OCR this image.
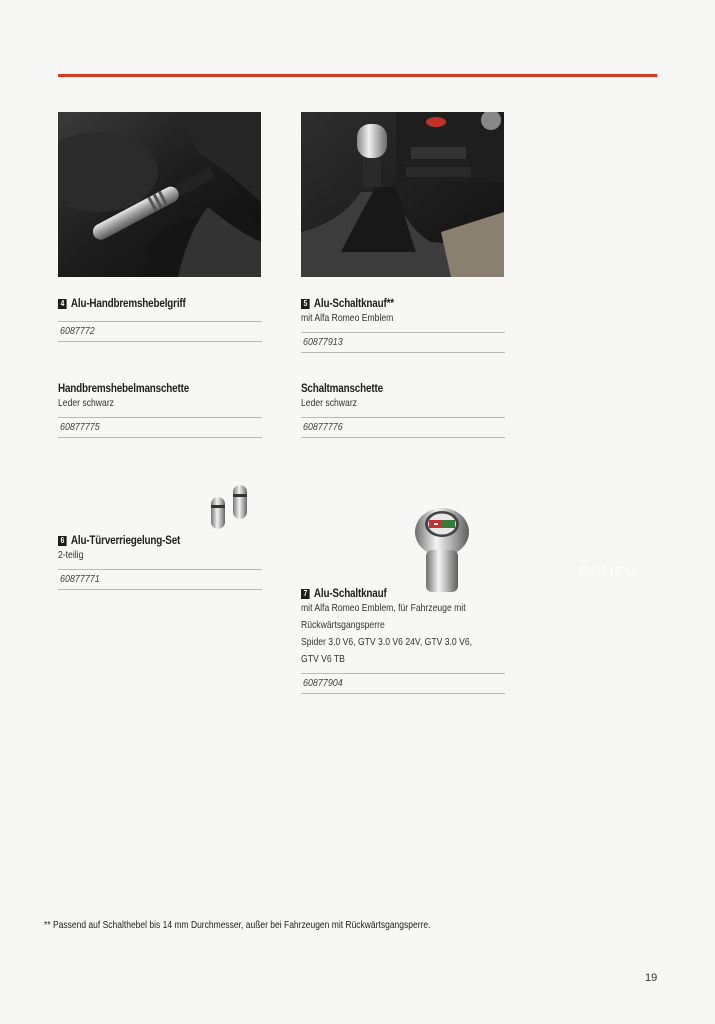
4 Alu-Handbremshebelgriff
6087772
5 Alu-Schaltknauf**
mit Alfa Romeo Emblem
60877913
Handbremshebelmanschette
Leder schwarz
60877775
Schaltmanschette
Leder schwarz
60877776
6 Alu-Türverriegelung-Set
2-teilig
60877771
7 Alu-Schaltknauf
mit Alfa Romeo Emblem, für Fahrzeuge mit
Rückwärtsgangsperre
Spider 3.0 V6, GTV 3.0 V6 24V, GTV 3.0 V6,
GTV V6 TB
60877904
ROMEO
** Passend auf Schalthebel bis 14 mm Durchmesser, außer bei Fahrzeugen mit Rückwärtsgangsperre.
19
